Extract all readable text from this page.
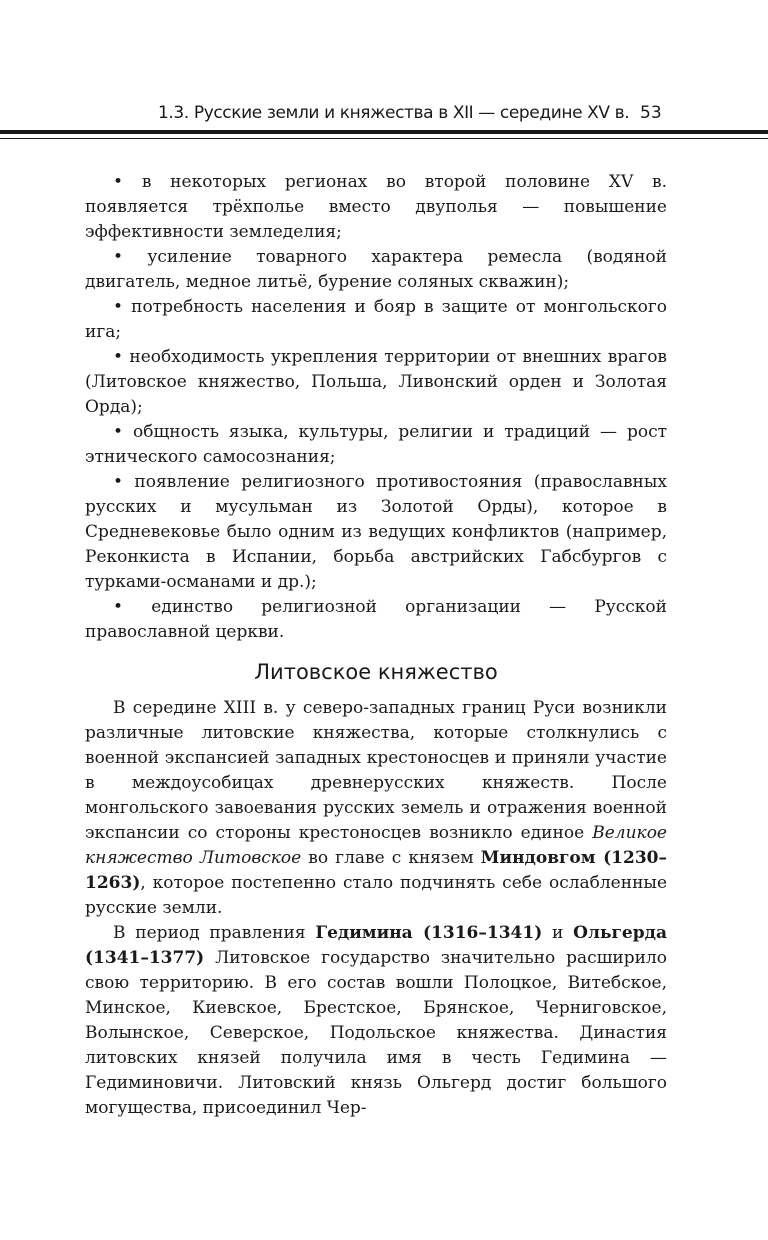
1.3. Русские земли и княжества в XII — середине XV в. 53

• в некоторых регионах во второй половине XV в. появляется трёхполье вместо двуполья — повышение эффективности земледелия;

• усиление товарного характера ремесла (водяной двигатель, медное литьё, бурение соляных скважин);

• потребность населения и бояр в защите от монгольского ига;

• необходимость укрепления территории от внешних врагов (Литовское княжество, Польша, Ливонский орден и Золотая Орда);

• общность языка, культуры, религии и традиций — рост этнического самосознания;

• появление религиозного противостояния (православных русских и мусульман из Золотой Орды), которое в Средневековье было одним из ведущих конфликтов (например, Реконкиста в Испании, борьба австрийских Габсбургов с турками-османами и др.);

• единство религиозной организации — Русской православной церкви.

Литовское княжество

В середине XIII в. у северо-западных границ Руси возникли различные литовские княжества, которые столкнулись с военной экспансией западных крестоносцев и приняли участие в междоусобицах древнерусских княжеств. После монгольского завоевания русских земель и отражения военной экспансии со стороны крестоносцев возникло единое Великое княжество Литовское во главе с князем Миндовгом (1230–1263), которое постепенно стало подчинять себе ослабленные русские земли.

В период правления Гедимина (1316–1341) и Ольгерда (1341–1377) Литовское государство значительно расширило свою территорию. В его состав вошли Полоцкое, Витебское, Минское, Киевское, Брестское, Брянское, Черниговское, Волынское, Северское, Подольское княжества. Династия литовских князей получила имя в честь Гедимина — Гедиминовичи. Литовский князь Ольгерд достиг большого могущества, присоединил Чер-
